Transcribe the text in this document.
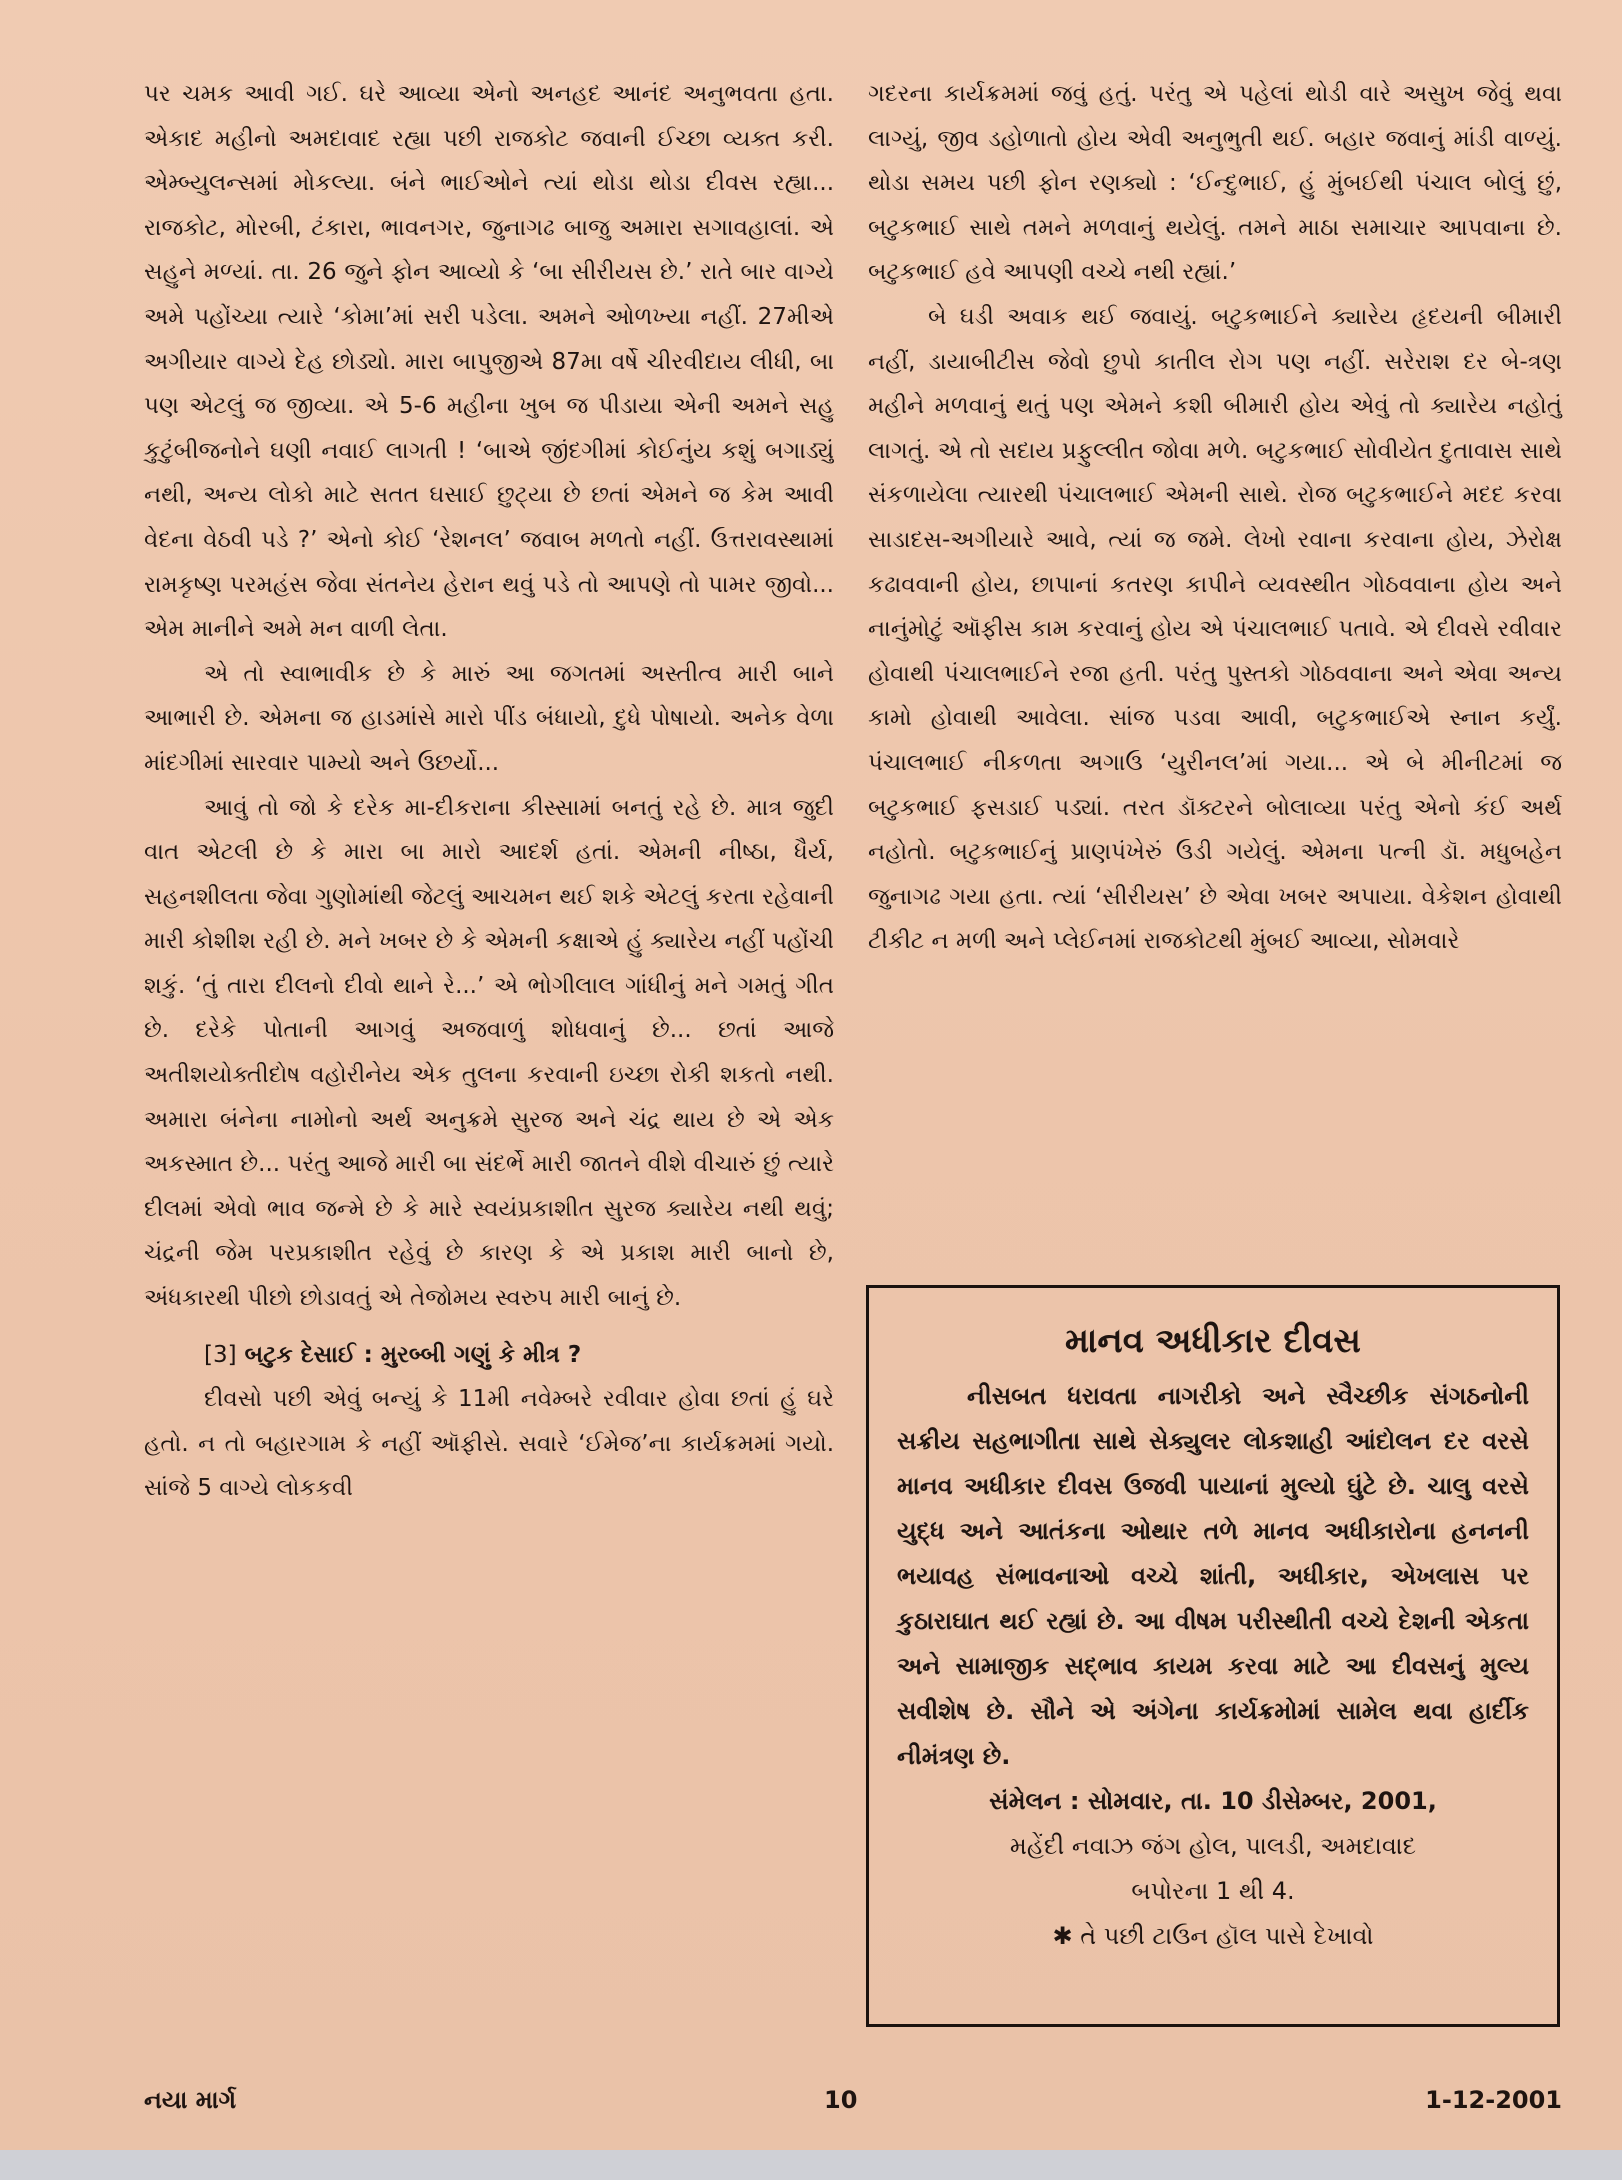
પર ચમક આવી ગઈ. ઘરે આવ્યા એનો અનહદ આનંદ અનુભવતા હતા. એકાદ મહીનો અમદાવાદ રહ્યા પછી રાજકોટ જવાની ઈચ્છા વ્યક્ત કરી. એમ્બ્યુલન્સમાં મોકલ્યા. બંને ભાઈઓને ત્યાં થોડા થોડા દીવસ રહ્યા... રાજકોટ, મોરબી, ટંકારા, ભાવનગર, જુનાગઢ બાજુ અમારા સગાવહાલાં. એ સહુને મળ્યાં. તા. 26 જુને ફોન આવ્યો કે ‘બા સીરીયસ છે.’ રાતે બાર વાગ્યે અમે પહોંચ્યા ત્યારે ‘કોમા’માં સરી પડેલા. અમને ઓળખ્યા નહીં. 27મીએ અગીયાર વાગ્યે દેહ છોડ્યો. મારા બાપુજીએ 87મા વર્ષે ચીરવીદાય લીધી, બા પણ એટલું જ જીવ્યા. એ 5-6 મહીના ખુબ જ પીડાયા એની અમને સહુ કુટુંબીજનોને ઘણી નવાઈ લાગતી ! ‘બાએ જીંદગીમાં કોઈનુંય કશું બગાડ્યું નથી, અન્ય લોકો માટે સતત ઘસાઈ છુટ્યા છે છતાં એમને જ કેમ આવી વેદના વેઠવી પડે ?’ એનો કોઈ ‘રેશનલ’ જવાબ મળતો નહીં. ઉત્તરાવસ્થામાં રામકૃષ્ણ પરમહંસ જેવા સંતનેય હેરાન થવું પડે તો આપણે તો પામર જીવો... એમ માનીને અમે મન વાળી લેતા.

એ તો સ્વાભાવીક છે કે મારું આ જગતમાં અસ્તીત્વ મારી બાને આભારી છે. એમના જ હાડમાંસે મારો પીંડ બંધાયો, દુધે પોષાયો. અનેક વેળા માંદગીમાં સારવાર પામ્યો અને ઉછર્યો...

આવું તો જો કે દરેક મા-દીકરાના કીસ્સામાં બનતું રહે છે. માત્ર જુદી વાત એટલી છે કે મારા બા મારો આદર્શ હતાં. એમની નીષ્ઠા, ધૈર્ય, સહનશીલતા જેવા ગુણોમાંથી જેટલું આચમન થઈ શકે એટલું કરતા રહેવાની મારી કોશીશ રહી છે. મને ખબર છે કે એમની કક્ષાએ હું ક્યારેય નહીં પહોંચી શકું. ‘તું તારા દીલનો દીવો થાને રે...’ એ ભોગીલાલ ગાંધીનું મને ગમતું ગીત છે. દરેકે પોતાની આગવું અજવાળું શોધવાનું છે... છતાં આજે અતીશયોક્તીદોષ વહોરીનેય એક તુલના કરવાની ઇચ્છા રોકી શકતો નથી. અમારા બંનેના નામોનો અર્થ અનુક્રમે સુરજ અને ચંદ્ર થાય છે એ એક અકસ્માત છે... પરંતુ આજે મારી બા સંદર્ભે મારી જાતને વીશે વીચારું છું ત્યારે દીલમાં એવો ભાવ જન્મે છે કે મારે સ્વયંપ્રકાશીત સુરજ ક્યારેય નથી થવું; ચંદ્રની જેમ પરપ્રકાશીત રહેવું છે કારણ કે એ પ્રકાશ મારી બાનો છે, અંધકારથી પીછો છોડાવતું એ તેજોમય સ્વરુપ મારી બાનું છે.

[3] બટુક દેસાઈ : મુરબ્બી ગણું કે મીત્ર ?

દીવસો પછી એવું બન્યું કે 11મી નવેમ્બરે રવીવાર હોવા છતાં હું ઘરે હતો. ન તો બહારગામ કે નહીં ઑફીસે. સવારે ‘ઈમેજ’ના કાર્યક્રમમાં ગયો. સાંજે 5 વાગ્યે લોકકવી

ગદરના કાર્યક્રમમાં જવું હતું. પરંતુ એ પહેલાં થોડી વારે અસુખ જેવું થવા લાગ્યું, જીવ ડહોળાતો હોય એવી અનુભુતી થઈ. બહાર જવાનું માંડી વાળ્યું. થોડા સમય પછી ફોન રણક્યો : ‘ઈન્દુભાઈ, હું મુંબઈથી પંચાલ બોલું છું, બટુકભાઈ સાથે તમને મળવાનું થયેલું. તમને માઠા સમાચાર આપવાના છે. બટુકભાઈ હવે આપણી વચ્ચે નથી રહ્યાં.’

બે ઘડી અવાક થઈ જવાયું. બટુકભાઈને ક્યારેય હૃદયની બીમારી નહીં, ડાયાબીટીસ જેવો છુપો કાતીલ રોગ પણ નહીં. સરેરાશ દર બે-ત્રણ મહીને મળવાનું થતું પણ એમને કશી બીમારી હોય એવું તો ક્યારેય નહોતું લાગતું. એ તો સદાય પ્રફુલ્લીત જોવા મળે. બટુકભાઈ સોવીયેત દુતાવાસ સાથે સંકળાયેલા ત્યારથી પંચાલભાઈ એમની સાથે. રોજ બટુકભાઈને મદદ કરવા સાડાદસ-અગીયારે આવે, ત્યાં જ જમે. લેખો રવાના કરવાના હોય, ઝેરોક્ષ કઢાવવાની હોય, છાપાનાં કતરણ કાપીને વ્યવસ્થીત ગોઠવવાના હોય અને નાનુંમોટું ઑફીસ કામ કરવાનું હોય એ પંચાલભાઈ પતાવે. એ દીવસે રવીવાર હોવાથી પંચાલભાઈને રજા હતી. પરંતુ પુસ્તકો ગોઠવવાના અને એવા અન્ય કામો હોવાથી આવેલા. સાંજ પડવા આવી, બટુકભાઈએ સ્નાન કર્યું. પંચાલભાઈ નીકળતા અગાઉ ‘યુરીનલ’માં ગયા... એ બે મીનીટમાં જ બટુકભાઈ ફસડાઈ પડ્યાં. તરત ડૉક્ટરને બોલાવ્યા પરંતુ એનો કંઈ અર્થ નહોતો. બટુકભાઈનું પ્રાણપંખેરું ઉડી ગયેલું. એમના પત્ની ડૉ. મધુબહેન જુનાગઢ ગયા હતા. ત્યાં ‘સીરીયસ’ છે એવા ખબર અપાયા. વેકેશન હોવાથી ટીકીટ ન મળી અને પ્લેઈનમાં રાજકોટથી મુંબઈ આવ્યા, સોમવારે

માનવ અધીકાર દીવસ
નીસબત ધરાવતા નાગરીકો અને સ્વૈચ્છીક સંગઠનોની સક્રીય સહભાગીતા સાથે સેક્યુલર લોકશાહી આંદોલન દર વરસે માનવ અધીકાર દીવસ ઉજવી પાયાનાં મુલ્યો ઘુંટે છે. ચાલુ વરસે યુદ્ધ અને આતંકના ઓથાર તળે માનવ અધીકારોના હનનની ભયાવહ સંભાવનાઓ વચ્ચે શાંતી, અધીકાર, એખલાસ પર કુઠારાઘાત થઈ રહ્યાં છે. આ વીષમ પરીસ્થીતી વચ્ચે દેશની એકતા અને સામાજીક સદ્‌ભાવ કાયમ કરવા માટે આ દીવસનું મુલ્ય સવીશેષ છે. સૌને એ અંગેના કાર્યક્રમોમાં સામેલ થવા હાર્દીક નીમંત્રણ છે.
સંમેલન : સોમવાર, તા. 10 ડીસેમ્બર, 2001,
મહેંદી નવાઝ જંગ હોલ, પાલડી, અમદાવાદ
બપોરના 1 થી 4.
✱ તે પછી ટાઉન હૉલ પાસે દેખાવો
નયા માર્ગ	10	1-12-2001
